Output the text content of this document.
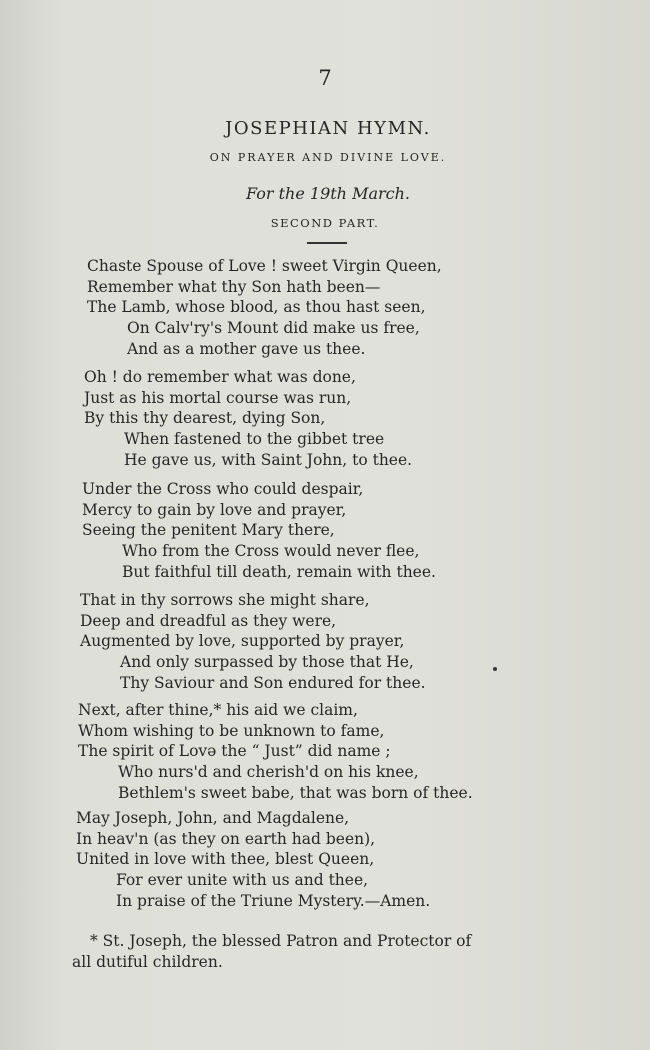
7
JOSEPHIAN HYMN.
ON PRAYER AND DIVINE LOVE.
For the 19th March.
SECOND PART.
Chaste Spouse of Love ! sweet Virgin Queen,
Remember what thy Son hath been—
The Lamb, whose blood, as thou hast seen,
On Calv'ry's Mount did make us free,
And as a mother gave us thee.
Oh ! do remember what was done,
Just as his mortal course was run,
By this thy dearest, dying Son,
When fastened to the gibbet tree
He gave us, with Saint John, to thee.
Under the Cross who could despair,
Mercy to gain by love and prayer,
Seeing the penitent Mary there,
Who from the Cross would never flee,
But faithful till death, remain with thee.
That in thy sorrows she might share,
Deep and dreadful as they were,
Augmented by love, supported by prayer,
And only surpassed by those that He,
Thy Saviour and Son endured for thee.
Next, after thine,* his aid we claim,
Whom wishing to be unknown to fame,
The spirit of Lovə the “ Just” did name ;
Who nurs'd and cherish'd on his knee,
Bethlem's sweet babe, that was born of thee.
May Joseph, John, and Magdalene,
In heav'n (as they on earth had been),
United in love with thee, blest Queen,
For ever unite with us and thee,
In praise of the Triune Mystery.—Amen.
* St. Joseph, the blessed Patron and Protector of
all dutiful children.
